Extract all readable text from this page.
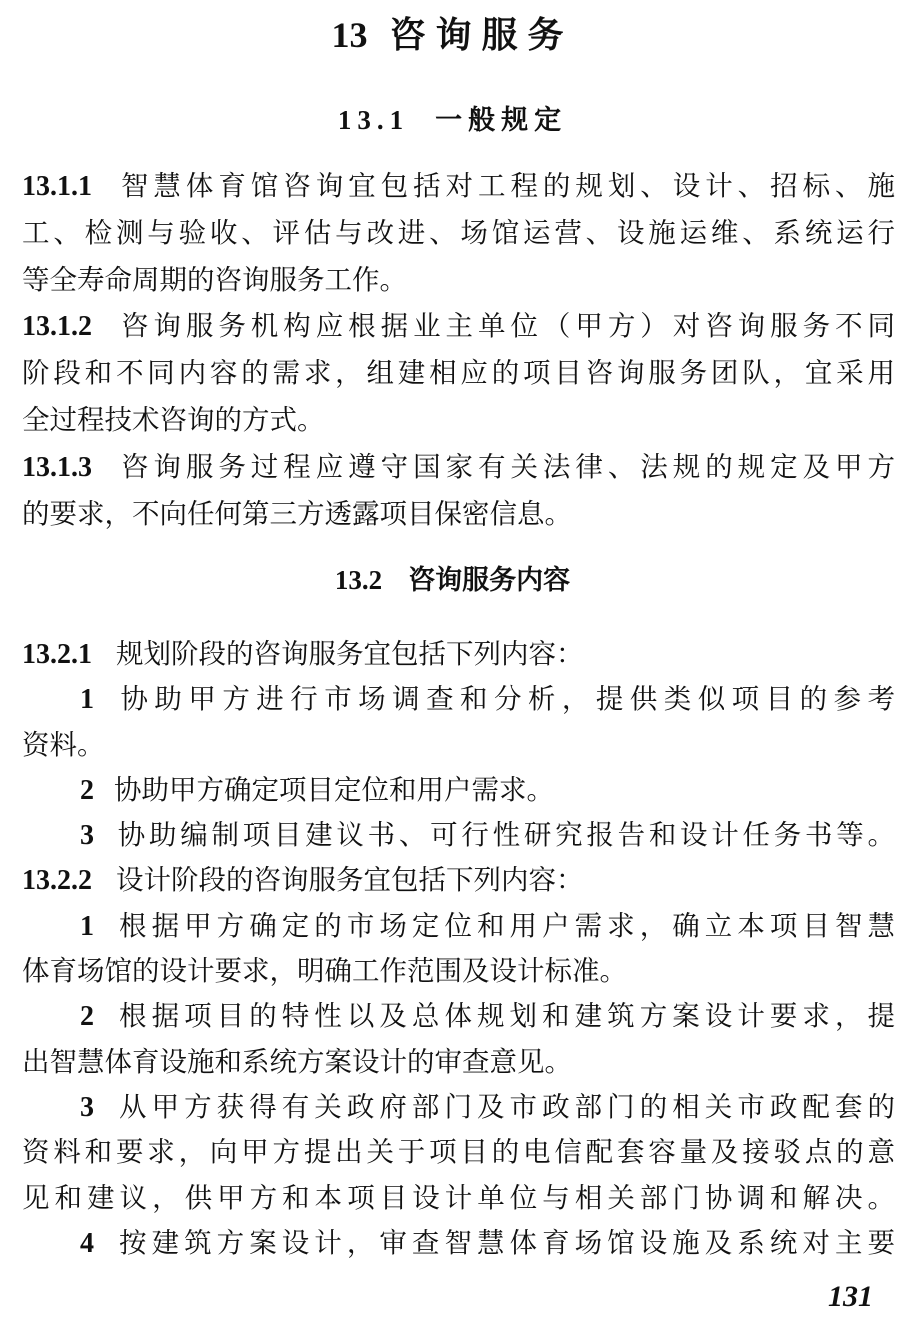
13 咨询服务
13.1 一般规定
13.1.1 智慧体育馆咨询宜包括对工程的规划、设计、招标、施
工、检测与验收、评估与改进、场馆运营、设施运维、系统运行
等全寿命周期的咨询服务工作。
13.1.2 咨询服务机构应根据业主单位（甲方）对咨询服务不同
阶段和不同内容的需求，组建相应的项目咨询服务团队，宜采用
全过程技术咨询的方式。
13.1.3 咨询服务过程应遵守国家有关法律、法规的规定及甲方
的要求，不向任何第三方透露项目保密信息。
13.2 咨询服务内容
13.2.1 规划阶段的咨询服务宜包括下列内容：
1 协助甲方进行市场调查和分析，提供类似项目的参考
资料。
2 协助甲方确定项目定位和用户需求。
3 协助编制项目建议书、可行性研究报告和设计任务书等。
13.2.2 设计阶段的咨询服务宜包括下列内容：
1 根据甲方确定的市场定位和用户需求，确立本项目智慧
体育场馆的设计要求，明确工作范围及设计标准。
2 根据项目的特性以及总体规划和建筑方案设计要求，提
出智慧体育设施和系统方案设计的审查意见。
3 从甲方获得有关政府部门及市政部门的相关市政配套的
资料和要求，向甲方提出关于项目的电信配套容量及接驳点的意
见和建议，供甲方和本项目设计单位与相关部门协调和解决。
4 按建筑方案设计，审查智慧体育场馆设施及系统对主要
131
